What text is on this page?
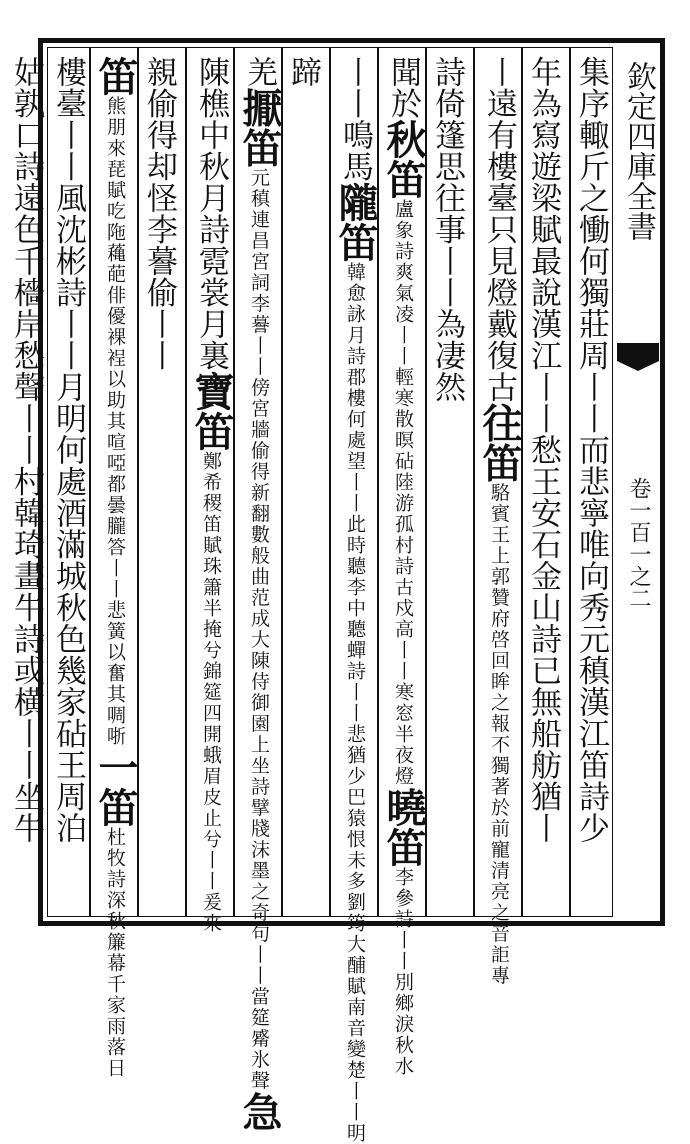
欽定四庫全書
卷一百一之二
集序輙斤之慟何獨莊周丨丨而悲寧唯向秀元稹漢江笛詩少
年為寫遊梁賦最說漢江丨丨愁王安石金山詩已無船舫猶丨
丨遠有樓臺只見燈戴復古往笛駱賓王上郭贊府啓回眸之報不獨著於前寵清亮之音詎專
詩倚篷思往事丨丨為凄然
聞於秋笛盧象詩爽氣凌丨丨輕寒散暝砧陸游孤村詩古戍高丨丨寒窓半夜燈曉笛李參詩丨丨別鄉淚秋水
丨丨鳴馬隴笛韓愈詠月詩郡樓何處望丨丨此時聽李中聽蟬詩丨丨悲猶少巴猿恨未多劉筠大酺賦南音變楚丨丨明
蹄
羌擫笛元稹連昌宮詞李謩丨丨傍宮牆偷得新翻數般曲范成大陳侍御園上坐詩擘牋沫墨之奇句丨丨當筵觱氷聲急
陳樵中秋月詩霓裳月裏寶笛鄭希稷笛賦珠簫半掩兮錦筵四開蛾眉皮止兮丨丨爰來
親偷得却怪李謩偷丨丨
笛熊朋來琵賦吃陁蘒葩俳優裸裎以助其喧啞都曇朧答丨丨悲簧以奮其啁哳一笛杜牧詩深秋簾幕千家雨落日
樓臺丨丨風沈彬詩丨丨月明何處酒滿城秋色幾家砧王周泊
姑孰口詩遠色千檣岸愁聲丨丨村韓琦畫牛詩或横丨丨坐牛
